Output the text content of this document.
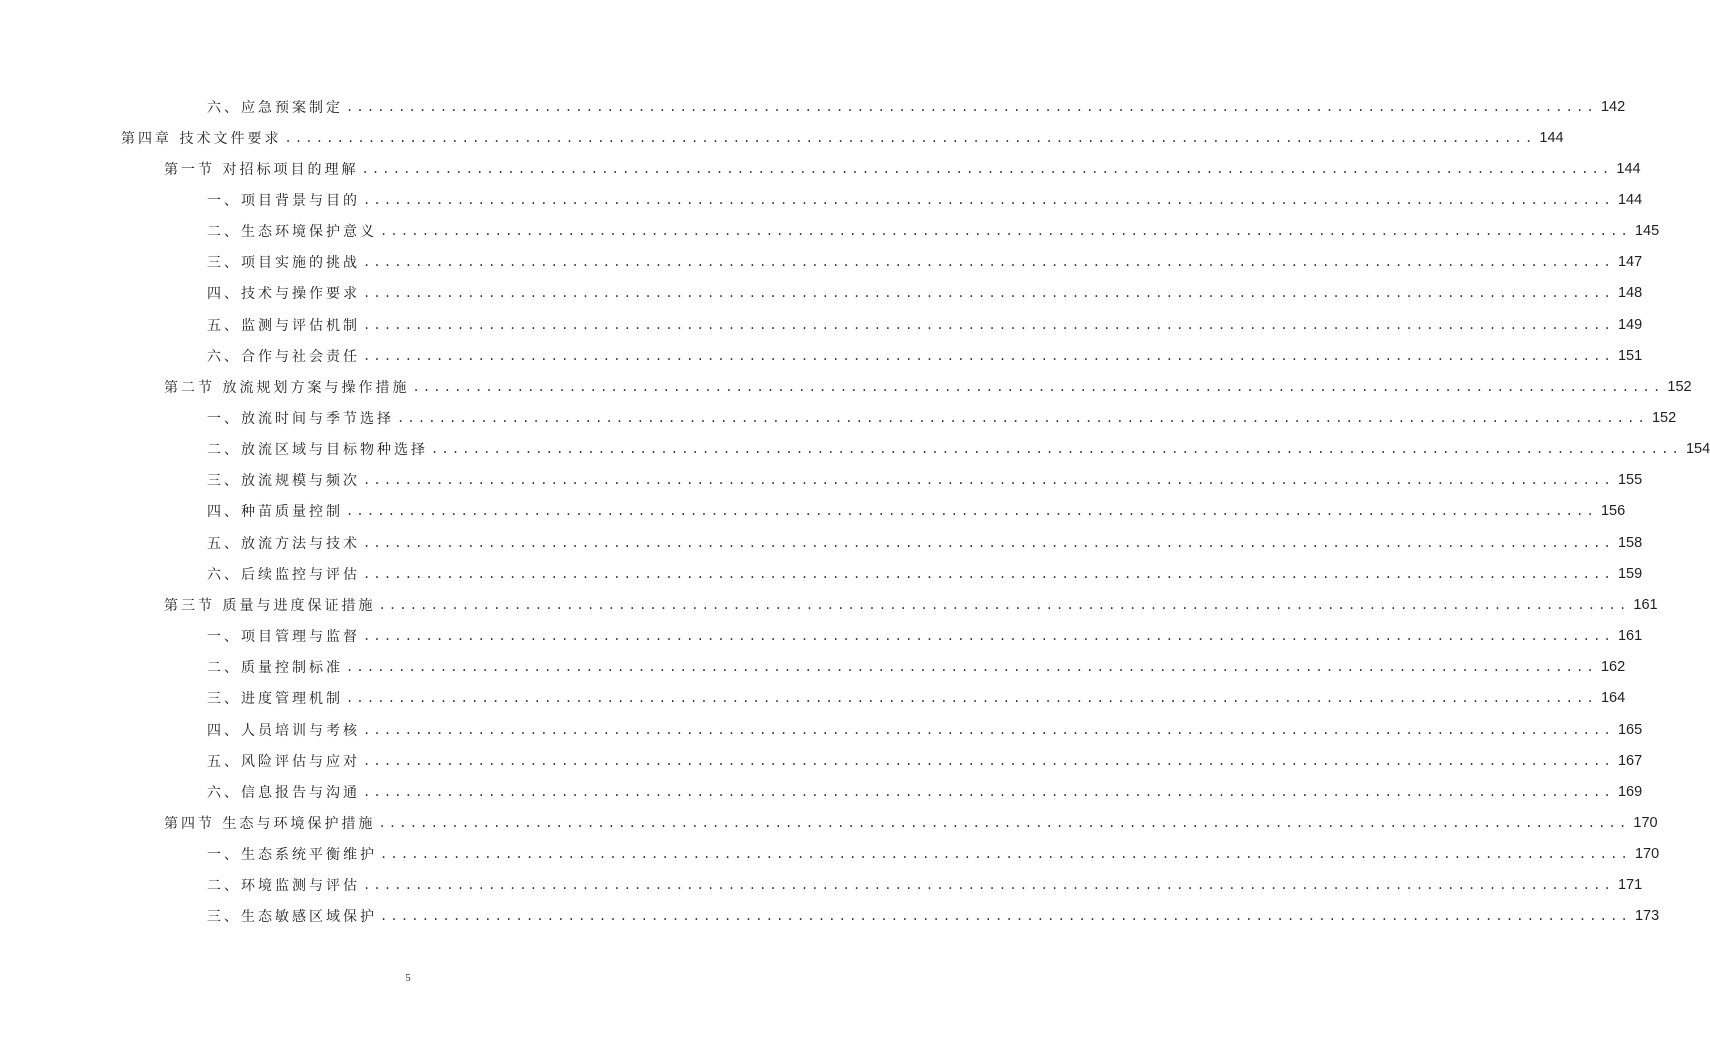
六、应急预案制定 ........................................................................................................................ 142
第四章 技术文件要求 ........................................................................................................................ 144
第一节 对招标项目的理解 ........................................................................................................................ 144
一、项目背景与目的 ........................................................................................................................ 144
二、生态环境保护意义 ........................................................................................................................ 145
三、项目实施的挑战 ........................................................................................................................ 147
四、技术与操作要求 ........................................................................................................................ 148
五、监测与评估机制 ........................................................................................................................ 149
六、合作与社会责任 ........................................................................................................................ 151
第二节 放流规划方案与操作措施 ........................................................................................................................ 152
一、放流时间与季节选择 ........................................................................................................................ 152
二、放流区域与目标物种选择 ........................................................................................................................ 154
三、放流规模与频次 ........................................................................................................................ 155
四、种苗质量控制 ........................................................................................................................ 156
五、放流方法与技术 ........................................................................................................................ 158
六、后续监控与评估 ........................................................................................................................ 159
第三节 质量与进度保证措施 ........................................................................................................................ 161
一、项目管理与监督 ........................................................................................................................ 161
二、质量控制标准 ........................................................................................................................ 162
三、进度管理机制 ........................................................................................................................ 164
四、人员培训与考核 ........................................................................................................................ 165
五、风险评估与应对 ........................................................................................................................ 167
六、信息报告与沟通 ........................................................................................................................ 169
第四节 生态与环境保护措施 ........................................................................................................................ 170
一、生态系统平衡维护 ........................................................................................................................ 170
二、环境监测与评估 ........................................................................................................................ 171
三、生态敏感区域保护 ........................................................................................................................ 173
5
